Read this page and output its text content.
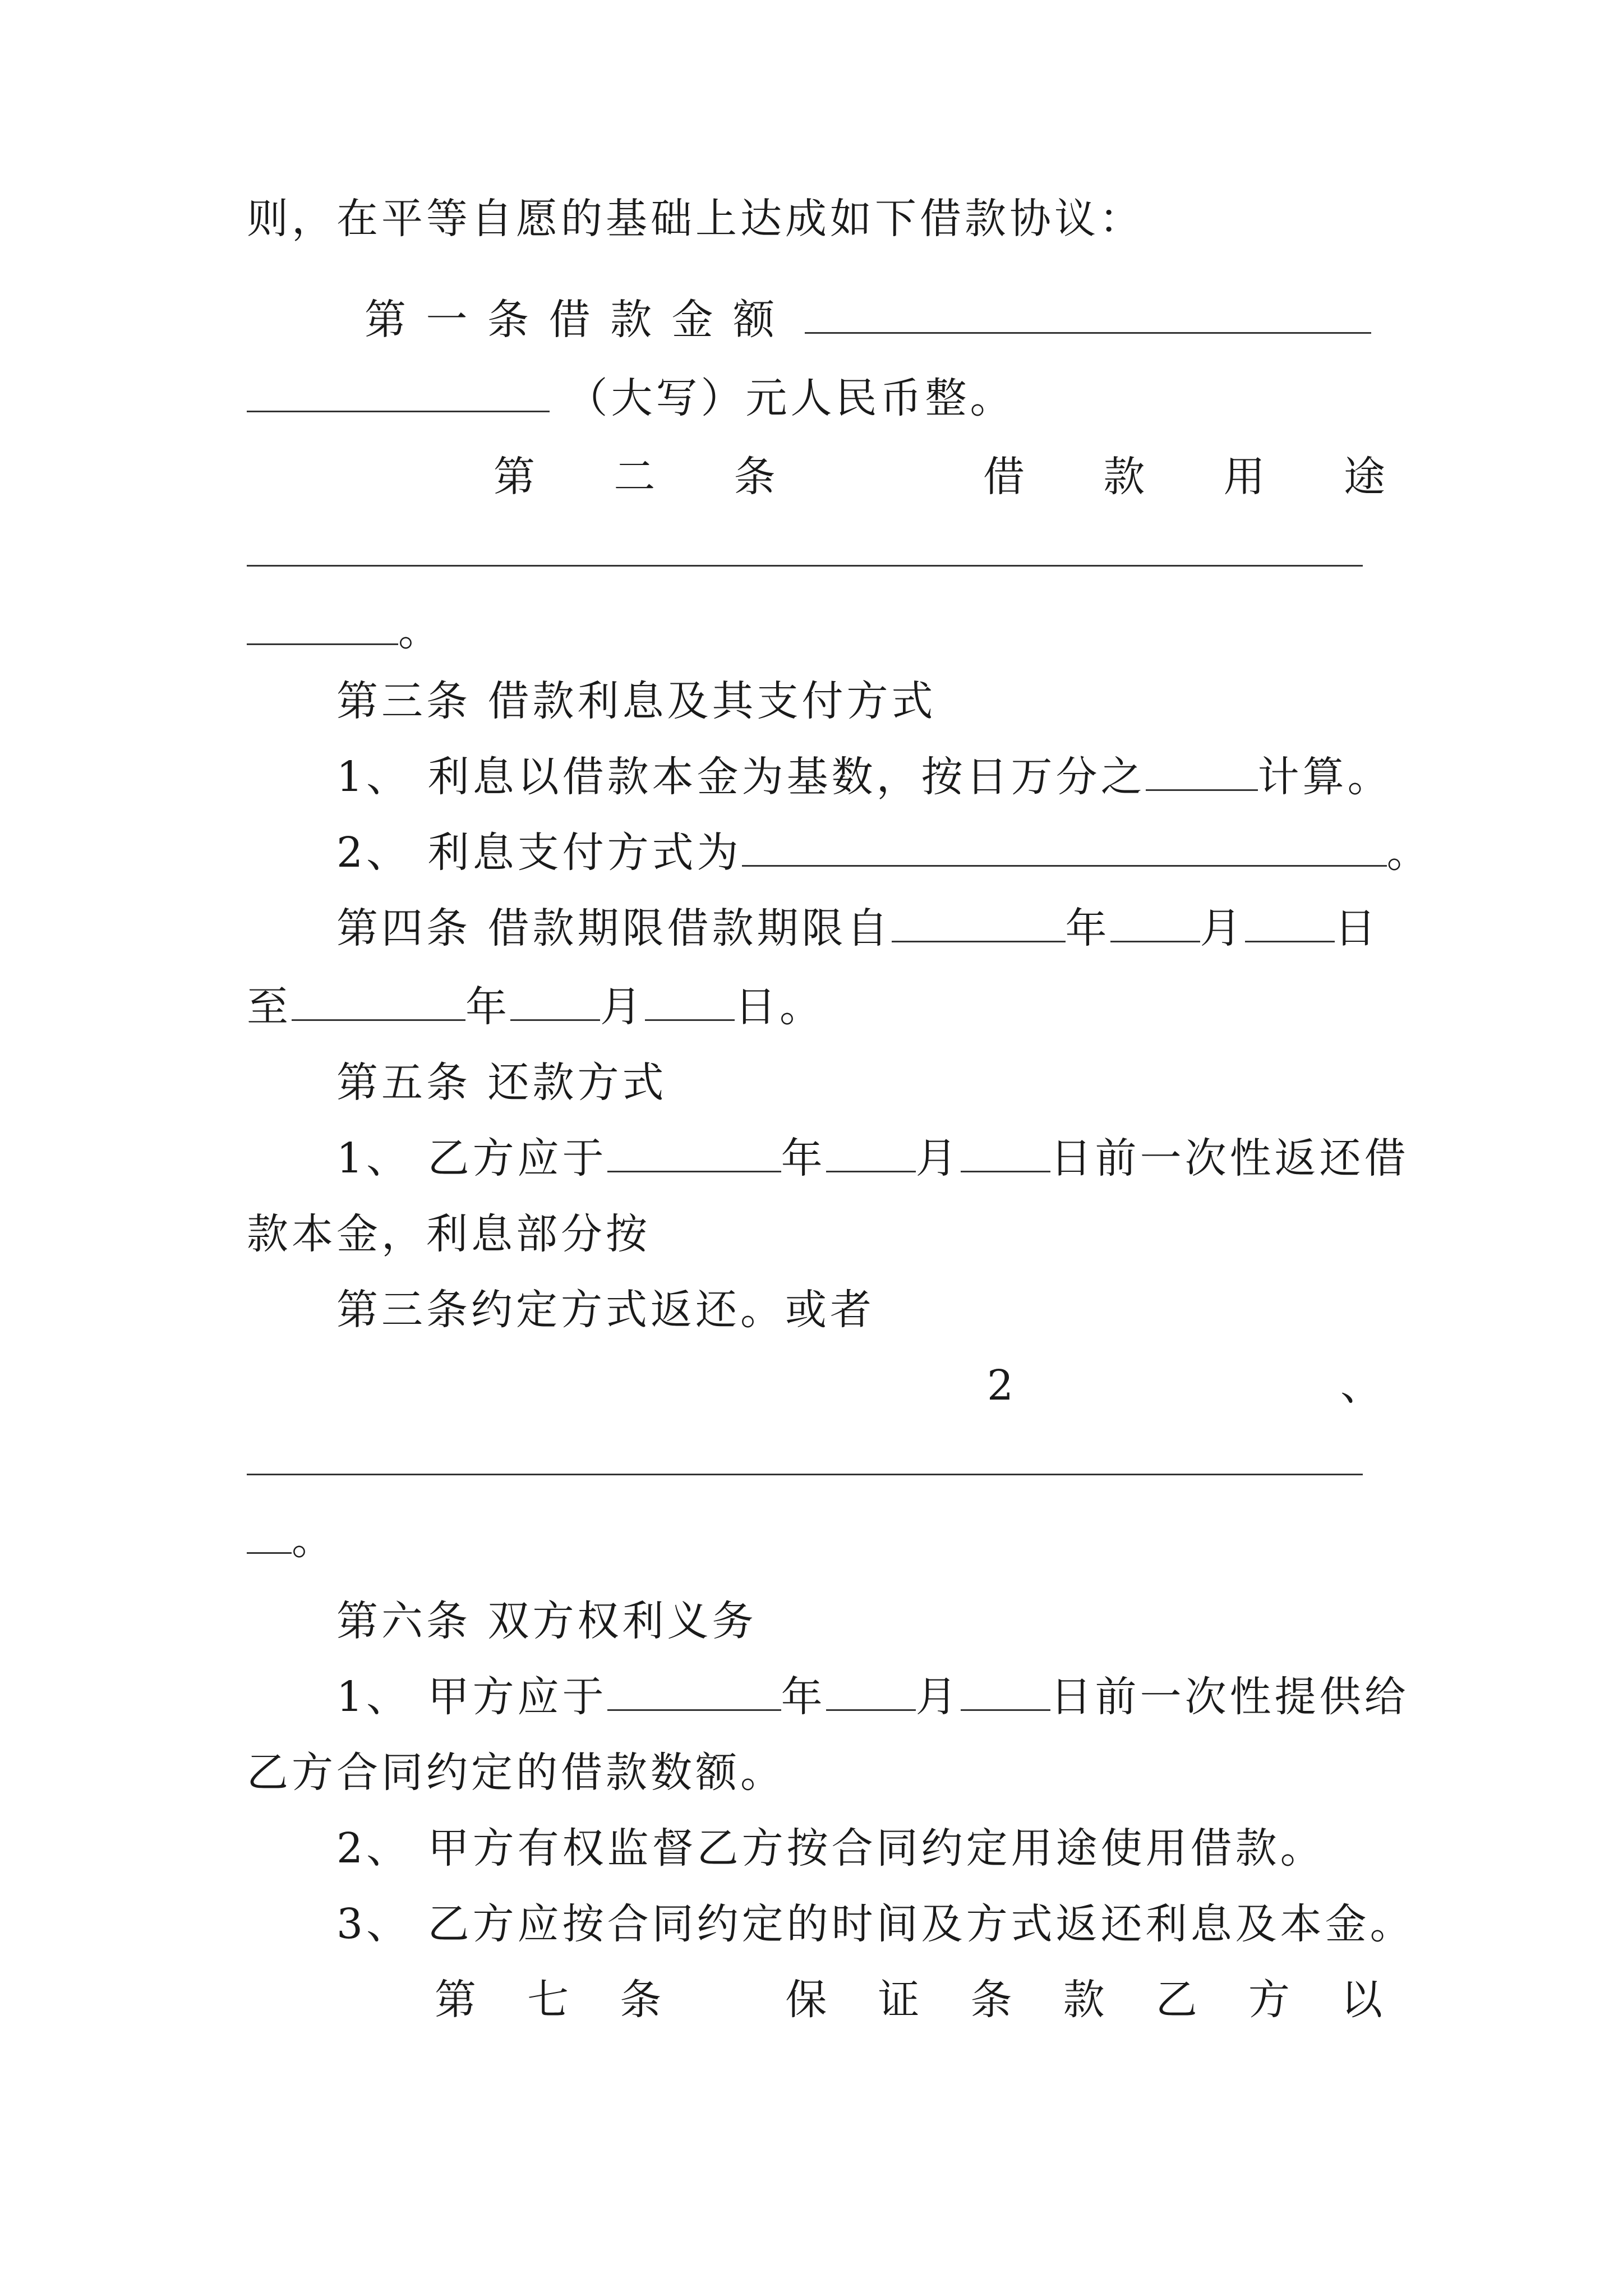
则，在平等自愿的基础上达成如下借款协议：
第 一 条 借 款 金 额
（大写）元人民币整。
第 二 条	借 款 用 途
。
第三条 借款利息及其支付方式
1、 利息以借款本金为基数，按日万分之	计算。
2、 利息支付方式为	。
第四条 借款期限借款期限自	年 月 日
至	年 月 日。
第五条 还款方式
1、 乙方应于	年 月 日前一次性返还借
款本金，利息部分按
第三条约定方式返还。或者
2	、
。
第六条 双方权利义务
1、 甲方应于	年 月 日前一次性提供给
乙方合同约定的借款数额。
2、 甲方有权监督乙方按合同约定用途使用借款。
3、 乙方应按合同约定的时间及方式返还利息及本金。
第 七 条	保 证 条 款 乙 方 以
